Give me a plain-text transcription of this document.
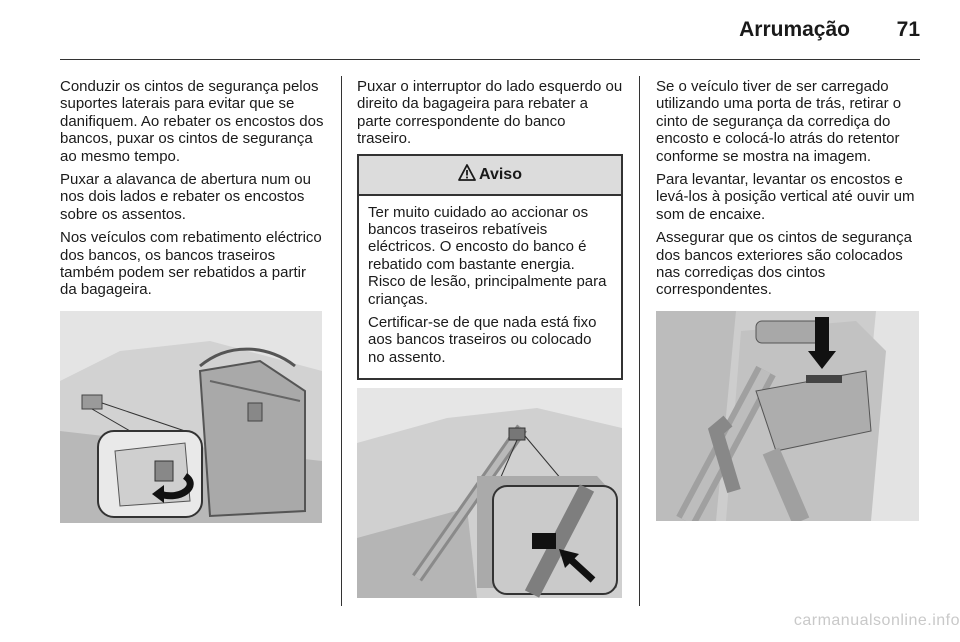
Arrumação	71

Conduzir os cintos de segurança pelos suportes laterais para evitar que se danifiquem. Ao rebater os encostos dos bancos, puxar os cintos de segurança ao mesmo tempo.

Puxar a alavanca de abertura num ou nos dois lados e rebater os encostos sobre os assentos.

Nos veículos com rebatimento eléctrico dos bancos, os bancos traseiros também podem ser rebatidos a partir da bagageira.

Puxar o interruptor do lado esquerdo ou direito da bagageira para rebater a parte correspondente do banco traseiro.

Aviso

Ter muito cuidado ao accionar os bancos traseiros rebatíveis eléctricos. O encosto do banco é rebatido com bastante energia. Risco de lesão, principalmente para crianças.

Certificar-se de que nada está fixo aos bancos traseiros ou colocado no assento.

Se o veículo tiver de ser carregado utilizando uma porta de trás, retirar o cinto de segurança da corrediça do encosto e colocá-lo atrás do retentor conforme se mostra na imagem.

Para levantar, levantar os encostos e levá-los à posição vertical até ouvir um som de encaixe.

Assegurar que os cintos de segurança dos bancos exteriores são colocados nas corrediças dos cintos correspondentes.

carmanualsonline.info
